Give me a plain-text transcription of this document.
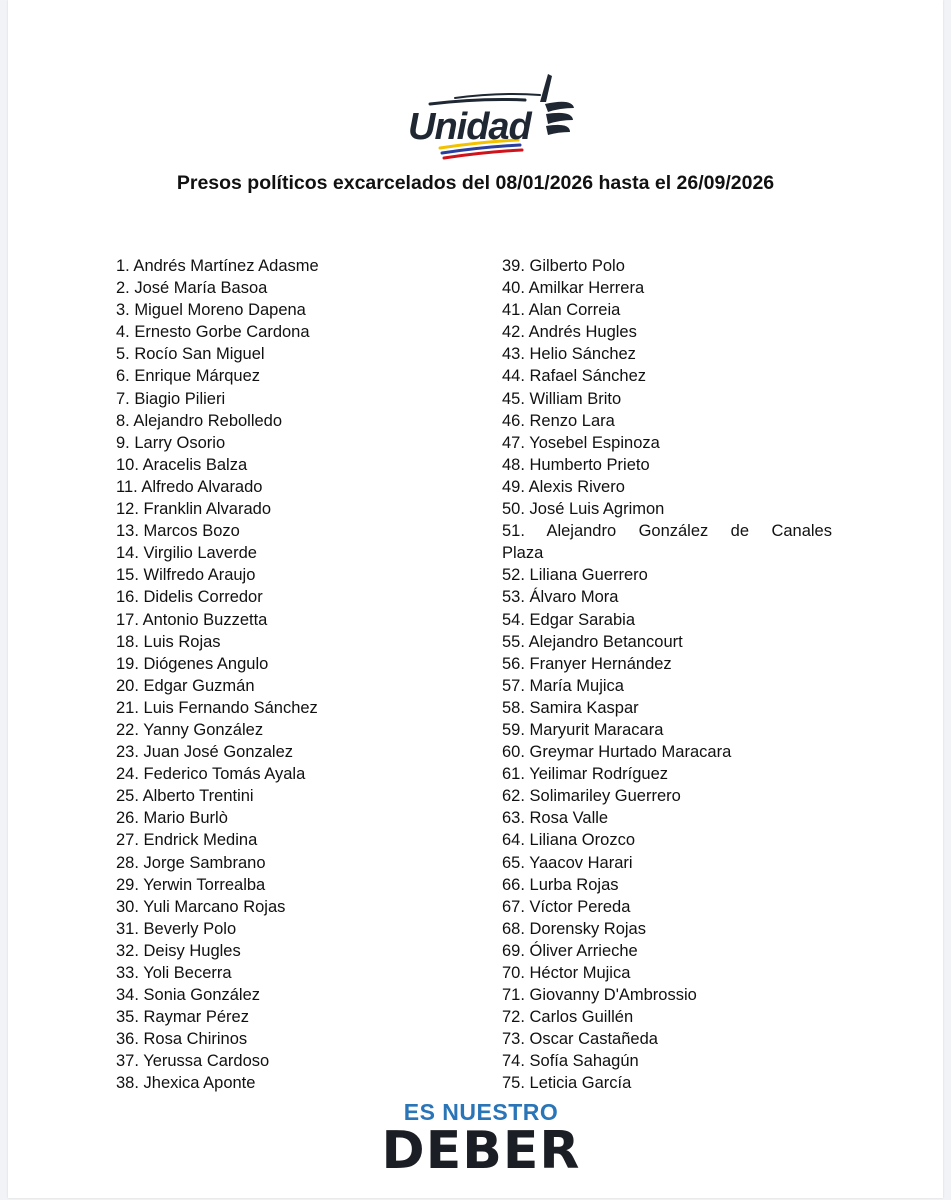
Unidad
Presos políticos excarcelados del 08/01/2026 hasta el 26/09/2026
1. Andrés Martínez Adasme
2. José María Basoa
3. Miguel Moreno Dapena
4. Ernesto Gorbe Cardona
5. Rocío San Miguel
6. Enrique Márquez
7. Biagio Pilieri
8. Alejandro Rebolledo
9. Larry Osorio
10. Aracelis Balza
11. Alfredo Alvarado
12. Franklin Alvarado
13. Marcos Bozo
14. Virgilio Laverde
15. Wilfredo Araujo
16. Didelis Corredor
17. Antonio Buzzetta
18. Luis Rojas
19. Diógenes Angulo
20. Edgar Guzmán
21. Luis Fernando Sánchez
22. Yanny González
23. Juan José Gonzalez
24. Federico Tomás Ayala
25. Alberto Trentini
26. Mario Burlò
27. Endrick Medina
28. Jorge Sambrano
29. Yerwin Torrealba
30. Yuli Marcano Rojas
31. Beverly Polo
32. Deisy Hugles
33. Yoli Becerra
34. Sonia González
35. Raymar Pérez
36. Rosa Chirinos
37. Yerussa Cardoso
38. Jhexica Aponte
39. Gilberto Polo
40. Amilkar Herrera
41. Alan Correia
42. Andrés Hugles
43. Helio Sánchez
44. Rafael Sánchez
45. William Brito
46. Renzo Lara
47. Yosebel Espinoza
48. Humberto Prieto
49. Alexis Rivero
50. José Luis Agrimon
51. Alejandro González de Canales
Plaza
52. Liliana Guerrero
53. Álvaro Mora
54. Edgar Sarabia
55. Alejandro Betancourt
56. Franyer Hernández
57. María Mujica
58. Samira Kaspar
59. Maryurit Maracara
60. Greymar Hurtado Maracara
61. Yeilimar Rodríguez
62. Solimariley Guerrero
63. Rosa Valle
64. Liliana Orozco
65. Yaacov Harari
66. Lurba Rojas
67. Víctor Pereda
68. Dorensky Rojas
69. Óliver Arrieche
70. Héctor Mujica
71. Giovanny D'Ambrossio
72. Carlos Guillén
73. Oscar Castañeda
74. Sofía Sahagún
75. Leticia García
ES NUESTRO
DEBER
